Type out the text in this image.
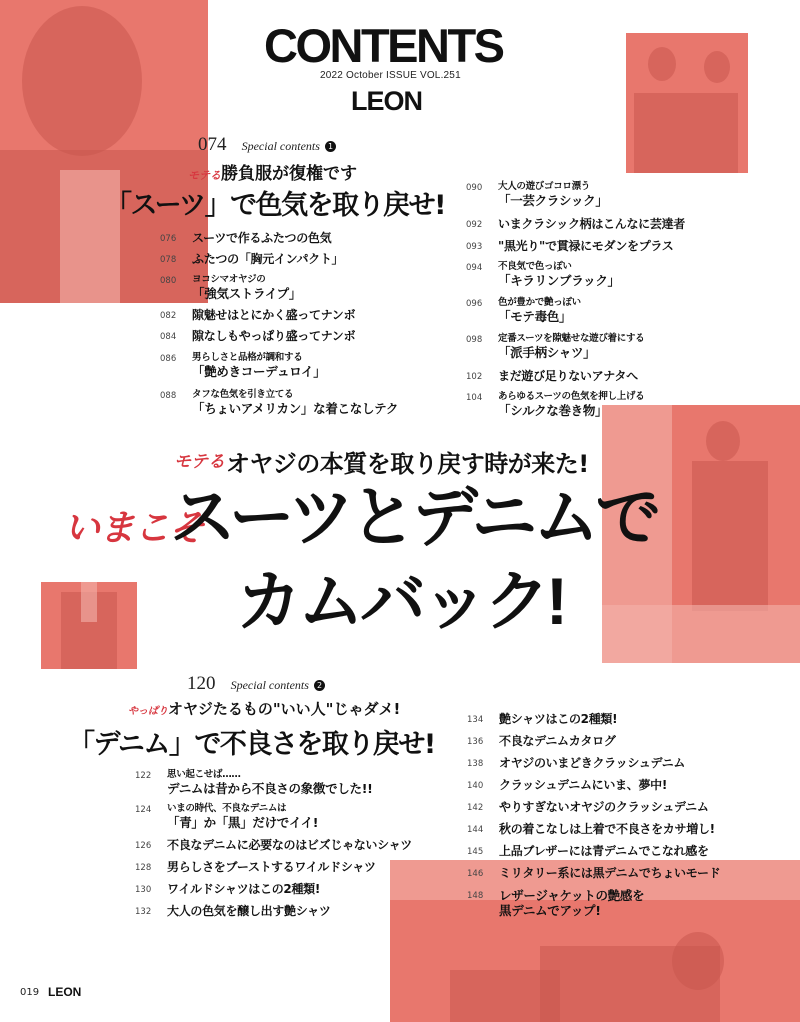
CONTENTS
2022 October ISSUE VOL.251
LEON
074 Special contents 1
モテる勝負服が復権です
「スーツ」で色気を取り戻せ!
076	スーツで作るふたつの色気
078	ふたつの「胸元インパクト」
080	ヨコシマオヤジの
「強気ストライプ」
082	隙魅せはとにかく盛ってナンボ
084	隙なしもやっぱり盛ってナンボ
086	男らしさと品格が調和する
「艶めきコーデュロイ」
088	タフな色気を引き立てる
「ちょいアメリカン」な着こなしテク
090	大人の遊びゴコロ漂う
「一芸クラシック」
092	いまクラシック柄はこんなに芸達者
093	"黒光り"で貫禄にモダンをプラス
094	不良気で色っぽい
「キラリンブラック」
096	色が豊かで艶っぽい
「モテ毒色」
098	定番スーツを隙魅せな遊び着にする
「派手柄シャツ」
102	まだ遊び足りないアナタへ
104	あらゆるスーツの色気を押し上げる
「シルクな巻き物」
モテる オヤジの本質を取り戻す時が来た!
いまこそ
スーツとデニムで
カムバック!
120 Special contents 2
やっぱりオヤジたるもの"いい人"じゃダメ!
「デニム」で不良さを取り戻せ!
122	思い起こせば……
デニムは昔から不良さの象徴でした!!
124	いまの時代、不良なデニムは
「青」か「黒」だけでイイ!
126	不良なデニムに必要なのはビズじゃないシャツ
128	男らしさをブーストするワイルドシャツ
130	ワイルドシャツはこの2種類!
132	大人の色気を醸し出す艶シャツ
134	艶シャツはこの2種類!
136	不良なデニムカタログ
138	オヤジのいまどきクラッシュデニム
140	クラッシュデニムにいま、夢中!
142	やりすぎないオヤジのクラッシュデニム
144	秋の着こなしは上着で不良さをカサ増し!
145	上品ブレザーには青デニムでこなれ感を
146	ミリタリー系には黒デニムでちょいモード
148	レザージャケットの艶感を
黒デニムでアップ!
019 LEON
